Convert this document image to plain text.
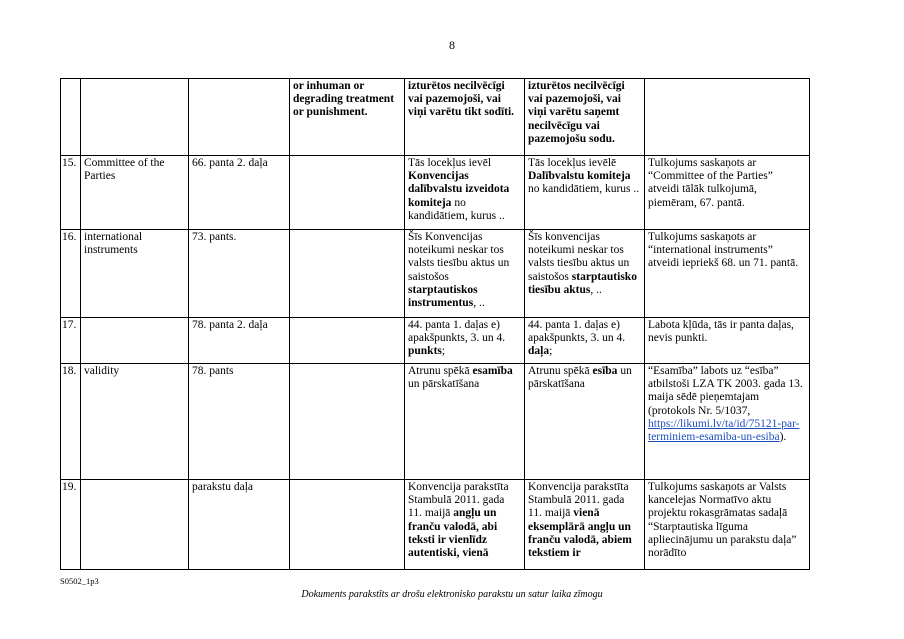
8
			or inhuman or degrading treatment or punishment.	izturētos necilvēcīgi vai pazemojoši, vai viņi varētu tikt sodīti.	izturētos necilvēcīgi vai pazemojoši, vai viņi varētu saņemt necilvēcīgu vai pazemojošu sodu.	
15.	Committee of the Parties	66. panta 2. daļa		Tās locekļus ievēl Konvencijas dalībvalstu izveidota komiteja no kandidātiem, kurus ..	Tās locekļus ievēlē Dalībvalstu komiteja no kandidātiem, kurus ..	Tulkojums saskaņots ar “Committee of the Parties” atveidi tālāk tulkojumā, piemēram, 67. pantā.
16.	international instruments	73. pants.		Šīs Konvencijas noteikumi neskar tos valsts tiesību aktus un saistošos starptautiskos instrumentus, ..	Šīs konvencijas noteikumi neskar tos valsts tiesību aktus un saistošos starptautisko tiesību aktus, ..	Tulkojums saskaņots ar “international instruments” atveidi iepriekš 68. un 71. pantā.
17.		78. panta 2. daļa		44. panta 1. daļas e) apakšpunkts, 3. un 4. punkts;	44. panta 1. daļas e) apakšpunkts, 3. un 4. daļa;	Labota kļūda, tās ir panta daļas, nevis punkti.
18.	validity	78. pants		Atrunu spēkā esamība un pārskatīšana	Atrunu spēkā esība un pārskatīšana	“Esamība” labots uz “esība” atbilstoši LZA TK 2003. gada 13. maija sēdē pieņemtajam (protokols Nr. 5/1037, https://likumi.lv/ta/id/75121-par-terminiem-esamiba-un-esiba).
19.		parakstu daļa		Konvencija parakstīta Stambulā 2011. gada 11. maijā angļu un franču valodā, abi teksti ir vienlīdz autentiski, vienā	Konvencija parakstīta Stambulā 2011. gada 11. maijā vienā eksemplārā angļu un franču valodā, abiem tekstiem ir	Tulkojums saskaņots ar Valsts kancelejas Normatīvo aktu projektu rokasgrāmatas sadaļā “Starptautiska līguma apliecinājumu un parakstu daļa” norādīto
S0502_1p3
Dokuments parakstīts ar drošu elektronisko parakstu un satur laika zīmogu
